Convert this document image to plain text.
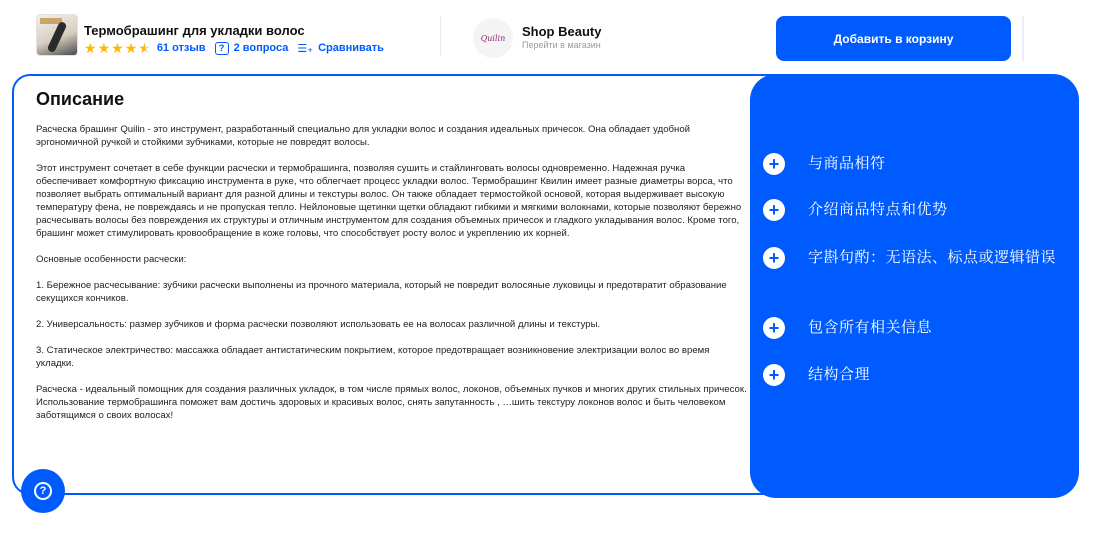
Термобрашинг для укладки волос
★ ★ ★ ★ ★ 61 отзыв	? 2 вопроса ☰₊ Сравнивать
Quilin Shop Beauty
Перейти в магазин	Добавить в корзину
Описание

Расческа брашинг Quilin - это инструмент, разработанный специально для укладки волос и создания идеальных причесок. Она обладает удобной эргономичной ручкой и стойкими зубчиками, которые не повредят волосы.

Этот инструмент сочетает в себе функции расчески и термобрашинга, позволяя сушить и стайлинговать волосы одновременно. Надежная ручка обеспечивает комфортную фиксацию инструмента в руке, что облегчает процесс укладки волос. Термобрашинг Квилин имеет разные диаметры ворса, что позволяет выбрать оптимальный вариант для разной длины и текстуры волос. Он также обладает термостойкой основой, которая выдерживает высокую температуру фена, не повреждаясь и не пропуская тепло. Нейлоновые щетинки щетки обладают гибкими и мягкими волокнами, которые позволяют бережно расчесывать волосы без повреждения их структуры и отличным инструментом для создания объемных причесок и гладкого укладывания волос. Кроме того, брашинг может стимулировать кровообращение в коже головы, что способствует росту волос и укреплению их корней.

Основные особенности расчески:

1. Бережное расчесывание: зубчики расчески выполнены из прочного материала, который не повредит волосяные луковицы и предотвратит образование секущихся кончиков.

2. Универсальность: размер зубчиков и форма расчески позволяют использовать ее на волосах различной длины и текстуры.

3. Статическое электричество: массажка обладает антистатическим покрытием, которое предотвращает возникновение электризации волос во время укладки.

Расческа - идеальный помощник для создания различных укладок, в том числе прямых волос, локонов, объемных пучков и многих других стильных причесок. Использование термобрашинга поможет вам достичь здоровых и красивых волос, снять запутанность , …шить текстуру локонов волос и быть человеком заботящимся о своих волосах!

+	与商品相符
+	介绍商品特点和优势
+	字斟句酌：无语法、标点或逻辑错误
+	包含所有相关信息
+	结构合理
?
